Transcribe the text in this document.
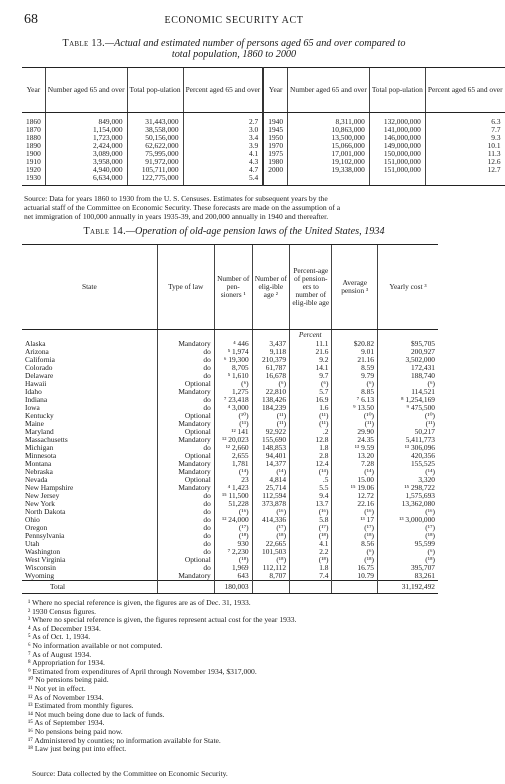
68	ECONOMIC SECURITY ACT
Table 13.—Actual and estimated number of persons aged 65 and over compared to
total population, 1860 to 2000
Year	Number aged 65 and over	Total pop-ulation	Percent aged 65 and over	Year	Number aged 65 and over	Total pop-ulation	Percent aged 65 and over
1860	849,000	31,443,000	2.7	1940	8,311,000	132,000,000	6.3
1870	1,154,000	38,558,000	3.0	1945	10,863,000	141,000,000	7.7
1880	1,723,000	50,156,000	3.4	1950	13,500,000	146,000,000	9.3
1890	2,424,000	62,622,000	3.9	1970	15,066,000	149,000,000	10.1
1900	3,089,000	75,995,000	4.1	1975	17,001,000	150,000,000	11.3
1910	3,958,000	91,972,000	4.3	1980	19,102,000	151,000,000	12.6
1920	4,940,000	105,711,000	4.7	2000	19,338,000	151,000,000	12.7
1930	6,634,000	122,775,000	5.4				
Source: Data for years 1860 to 1930 from the U. S. Censuses. Estimates for subsequent years by the
actuarial staff of the Committee on Economic Security. These forecasts are made on the assumption of a
net immigration of 100,000 annually in years 1935-39, and 200,000 annually in 1940 and thereafter.
Table 14.—Operation of old-age pension laws of the United States, 1934
State	Type of law	Number of pen-sioners ¹	Number of elig-ible age ²	Percent-age of pension-ers to number of elig-ible age	Average pension ³	Yearly cost ³
				Percent		
Alaska	Mandatory	⁴ 446	3,437	11.1	$20.82	$95,705
Arizona	do	⁵ 1,974	9,118	21.6	9.01	200,927
California	do	⁶ 19,300	210,379	9.2	21.16	3,502,000
Colorado	do	8,705	61,787	14.1	8.59	172,431
Delaware	do	⁵ 1,610	16,678	9.7	9.79	188,740
Hawaii	Optional	(⁶)	(⁶)	(⁶)	(⁶)	(⁶)
Idaho	Mandatory	1,275	22,810	5.7	8.85	114,521
Indiana	do	⁷ 23,418	138,426	16.9	⁷ 6.13	⁸ 1,254,169
Iowa	do	⁴ 3,000	184,239	1.6	⁹ 13.50	⁹ 475,500
Kentucky	Optional	(¹⁰)	(¹¹)	(¹¹)	(¹⁰)	(¹⁰)
Maine	Mandatory	(¹¹)	(¹¹)	(¹¹)	(¹¹)	(¹¹)
Maryland	Optional	¹² 141	92,922	.2	29.90	50,217
Massachusetts	Mandatory	¹² 20,023	155,690	12.8	24.35	5,411,773
Michigan	do	¹² 2,660	148,853	1.8	¹³ 9.59	¹³ 306,096
Minnesota	Optional	2,655	94,401	2.8	13.20	420,356
Montana	Mandatory	1,781	14,377	12.4	7.28	155,525
Nebraska	Mandatory	(¹⁴)	(¹⁴)	(¹⁴)	(¹⁴)	(¹⁴)
Nevada	Optional	23	4,814	.5	15.00	3,320
New Hampshire	Mandatory	⁴ 1,423	25,714	5.5	¹⁵ 19.06	¹⁵ 298,722
New Jersey	do	¹⁵ 11,500	112,594	9.4	12.72	1,575,693
New York	do	51,228	373,878	13.7	22.16	13,362,080
North Dakota	do	(¹⁶)	(¹⁶)	(¹⁶)	(¹⁶)	(¹⁶)
Ohio	do	¹² 24,000	414,336	5.8	¹³ 17	¹³ 3,000,000
Oregon	do	(¹⁷)	(¹⁷)	(¹⁷)	(¹⁷)	(¹⁷)
Pennsylvania	do	(¹⁸)	(¹⁸)	(¹⁸)	(¹⁸)	(¹⁸)
Utah	do	930	22,665	4.1	8.56	95,599
Washington	do	⁷ 2,230	101,503	2.2	(⁶)	(⁶)
West Virginia	Optional	(¹⁸)	(¹⁸)	(¹⁸)	(¹⁸)	(¹⁸)
Wisconsin	do	1,969	112,112	1.8	16.75	395,707
Wyoming	Mandatory	643	8,707	7.4	10.79	83,261
Total		180,003				31,192,492
¹ Where no special reference is given, the figures are as of Dec. 31, 1933.
² 1930 Census figures.
³ Where no special reference is given, the figures represent actual cost for the year 1933.
⁴ As of December 1934.
⁵ As of Oct. 1, 1934.
⁶ No information available or not computed.
⁷ As of August 1934.
⁸ Appropriation for 1934.
⁹ Estimated from expenditures of April through November 1934, $317,000.
¹⁰ No pensions being paid.
¹¹ Not yet in effect.
¹² As of November 1934.
¹³ Estimated from monthly figures.
¹⁴ Not much being done due to lack of funds.
¹⁵ As of September 1934.
¹⁶ No pensions being paid now.
¹⁷ Administered by counties; no information available for State.
¹⁸ Law just being put into effect.
Source: Data collected by the Committee on Economic Security.
